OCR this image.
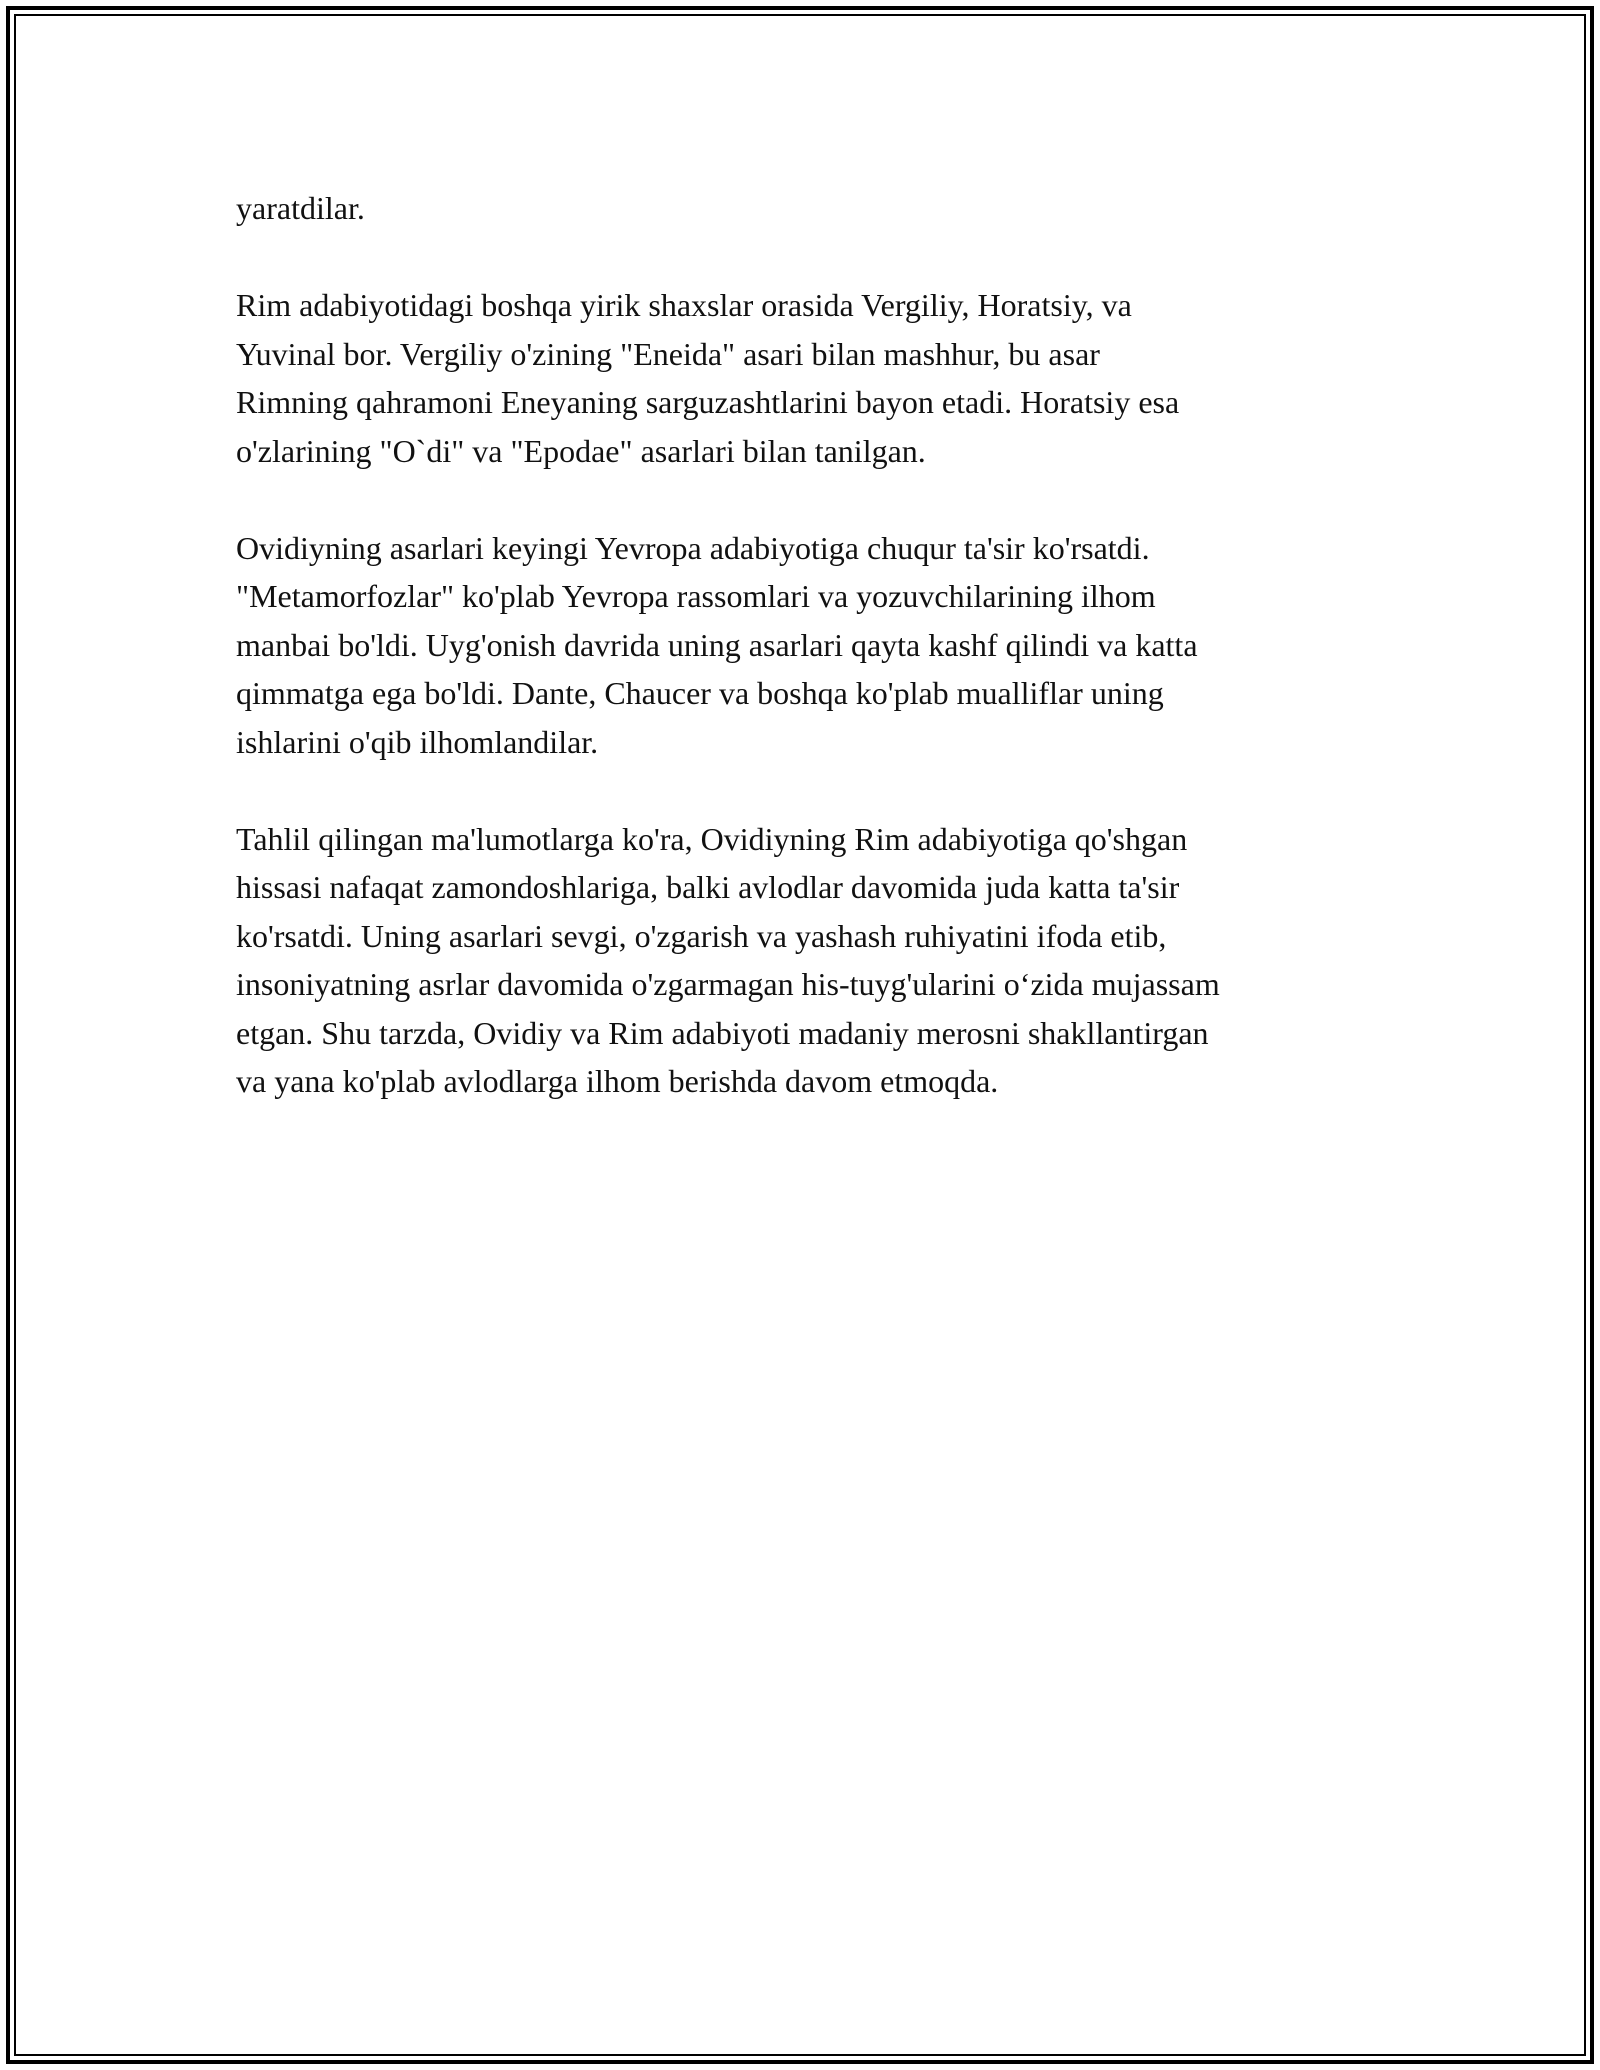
yaratdilar.

Rim adabiyotidagi boshqa yirik shaxslar orasida Vergiliy, Horatsiy, va
Yuvinal bor. Vergiliy o'zining "Eneida" asari bilan mashhur, bu asar
Rimning qahramoni Eneyaning sarguzashtlarini bayon etadi. Horatsiy esa
o'zlarining "O`di" va "Epodae" asarlari bilan tanilgan.

Ovidiyning asarlari keyingi Yevropa adabiyotiga chuqur ta'sir ko'rsatdi.
"Metamorfozlar" ko'plab Yevropa rassomlari va yozuvchilarining ilhom
manbai bo'ldi. Uyg'onish davrida uning asarlari qayta kashf qilindi va katta
qimmatga ega bo'ldi. Dante, Chaucer va boshqa ko'plab mualliflar uning
ishlarini o'qib ilhomlandilar.

Tahlil qilingan ma'lumotlarga ko'ra, Ovidiyning Rim adabiyotiga qo'shgan
hissasi nafaqat zamondoshlariga, balki avlodlar davomida juda katta ta'sir
ko'rsatdi. Uning asarlari sevgi, o'zgarish va yashash ruhiyatini ifoda etib,
insoniyatning asrlar davomida o'zgarmagan his-tuyg'ularini o‘zida mujassam
etgan. Shu tarzda, Ovidiy va Rim adabiyoti madaniy merosni shakllantirgan
va yana ko'plab avlodlarga ilhom berishda davom etmoqda.
